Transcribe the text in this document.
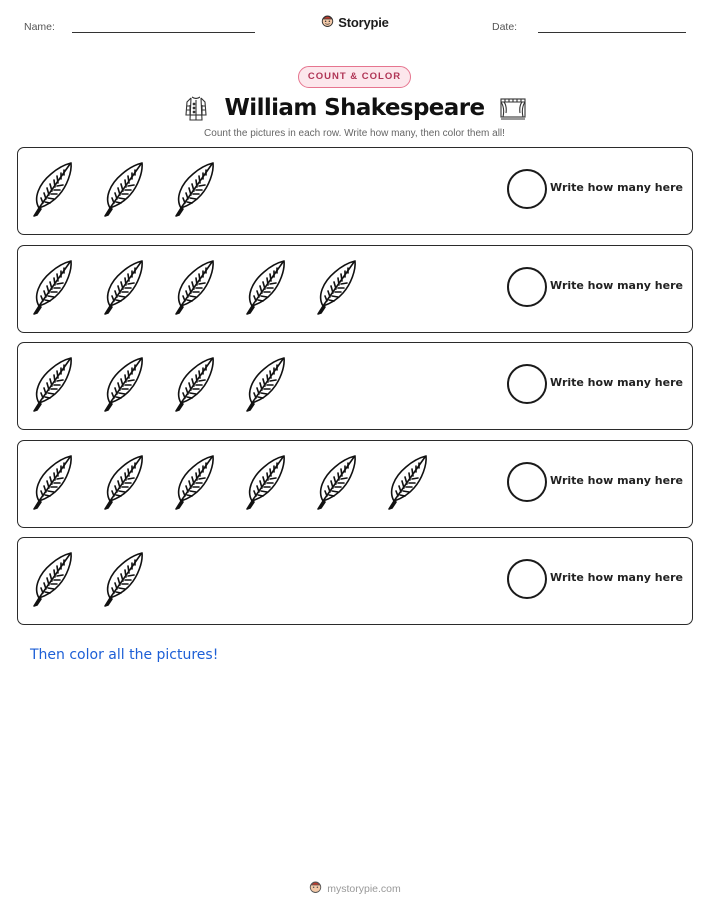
Name:	Storypie	Date:
COUNT & COLOR
William Shakespeare
Count the pictures in each row. Write how many, then color them all!
Write how many here
Write how many here
Write how many here
Write how many here
Write how many here
Then color all the pictures!
mystorypie.com
